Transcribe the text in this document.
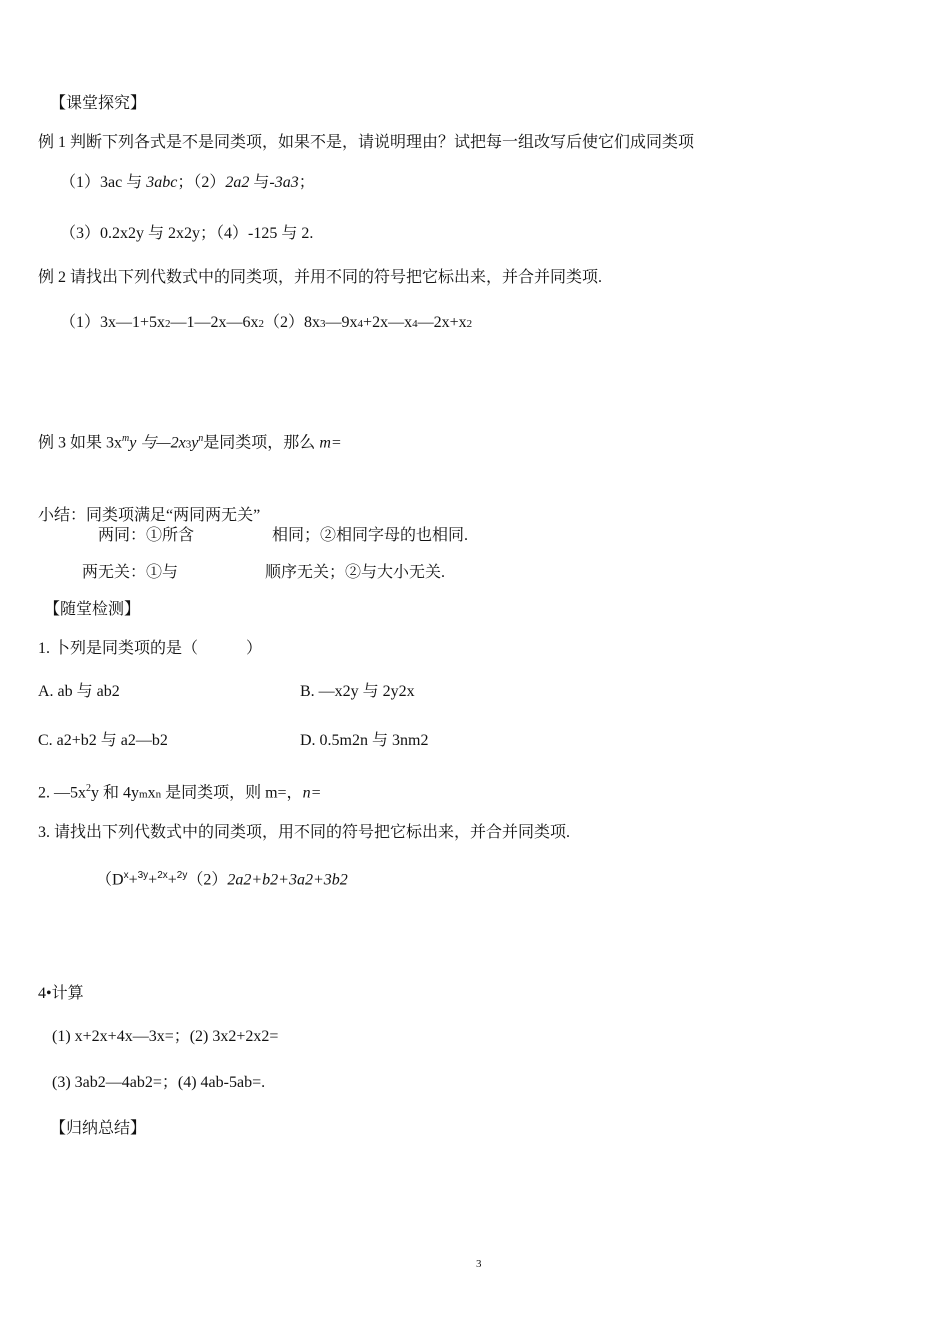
【课堂探究】
例 1 判断下列各式是不是同类项，如果不是，请说明理由？试把每一组改写后使它们成同类项
（1）3ac 与 3abc；（2）2a2 与-3a3；
（3）0.2x2y 与 2x2y；（4）-125 与 2.
例 2 请找出下列代数式中的同类项，并用不同的符号把它标出来，并合并同类项.
（1）3x—1+5x2—1—2x—6x2（2）8x3—9x4+2x—x4—2x+x2
例 3 如果 $3x^my$ 与$—2x3y^n$是同类项，那么 m=
小结：同类项满足“两同两无关”
两同：①所含	相同；②相同字母的也相同.
两无关：①与	顺序无关；②与大小无关.
【随堂检测】
1. 卜列是同类项的是（　　　）
A. ab 与 ab2	B. —x2y 与 2y2x
C. a2+b2 与 a2—b2	D. 0.5m2n 与 3nm2
2. $—5x^2y$ 和 4ymxn 是同类项，则 m=，n=
3. 请找出下列代数式中的同类项，用不同的符号把它标出来，并合并同类项.
（$D^x+^{3y}+^{2x}+^{2y}(2)2a2+b2+3a2+3b2$
4•计算
(1) x+2x+4x—3x=；(2) 3x2+2x2=
(3) 3ab2—4ab2=；(4) 4ab-5ab=.
【归纳总结】
3
